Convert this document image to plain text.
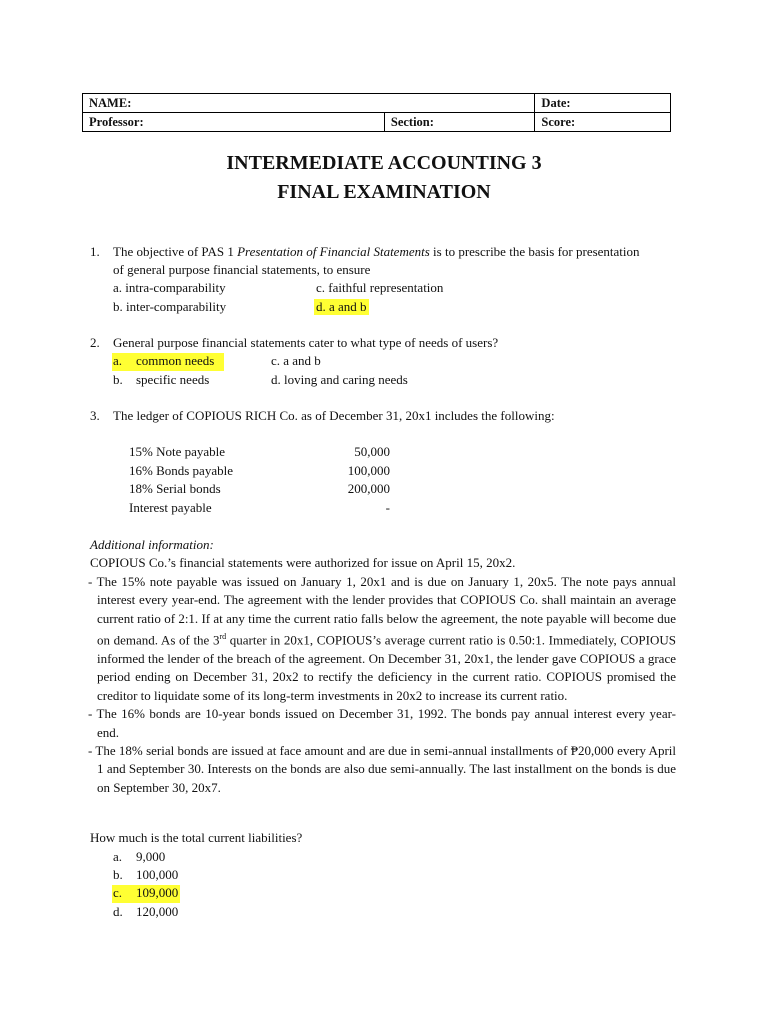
NAME:		Date:
Professor:	Section:	Score:
INTERMEDIATE ACCOUNTING 3
FINAL EXAMINATION
1. The objective of PAS 1 Presentation of Financial Statements is to prescribe the basis for presentation
of general purpose financial statements, to ensure
a. intra-comparability	c. faithful representation
b. inter-comparability	d. a and b
2. General purpose financial statements cater to what type of needs of users?
a. common needs	c. a and b
b. specific needs	d. loving and caring needs
3. The ledger of COPIOUS RICH Co. as of December 31, 20x1 includes the following:
15% Note payable	50,000
16% Bonds payable	100,000
18% Serial bonds	200,000
Interest payable	-
Additional information:
COPIOUS Co.’s financial statements were authorized for issue on April 15, 20x2.

- The 15% note payable was issued on January 1, 20x1 and is due on January 1, 20x5. The note pays annual interest every year-end. The agreement with the lender provides that COPIOUS Co. shall maintain an average current ratio of 2:1. If at any time the current ratio falls below the agreement, the note payable will become due on demand. As of the 3rd quarter in 20x1, COPIOUS’s average current ratio is 0.50:1. Immediately, COPIOUS informed the lender of the breach of the agreement. On December 31, 20x1, the lender gave COPIOUS a grace period ending on December 31, 20x2 to rectify the deficiency in the current ratio. COPIOUS promised the creditor to liquidate some of its long-term investments in 20x2 to increase its current ratio.

- The 16% bonds are 10-year bonds issued on December 31, 1992. The bonds pay annual interest every year-end.

- The 18% serial bonds are issued at face amount and are due in semi-annual installments of ₱20,000 every April 1 and September 30. Interests on the bonds are also due semi-annually. The last installment on the bonds is due on September 30, 20x7.

How much is the total current liabilities?
a. 9,000
b. 100,000
c. 109,000
d. 120,000
